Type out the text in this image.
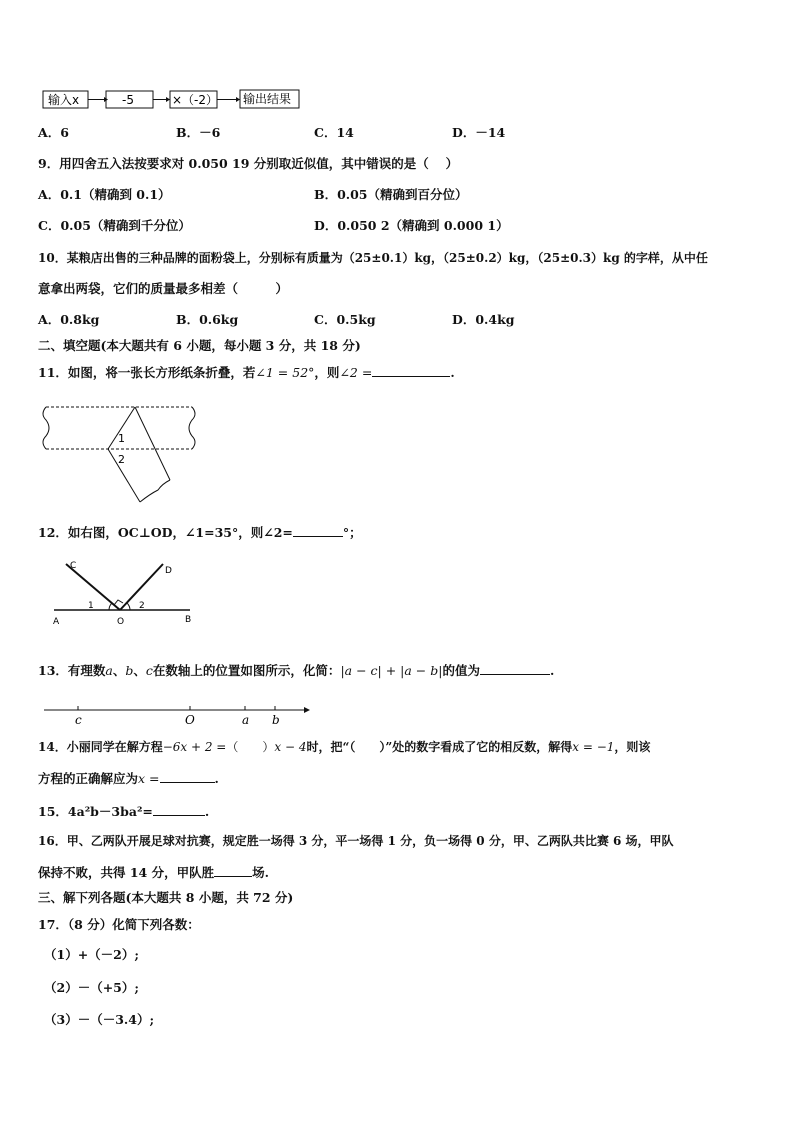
输入x	-5	×（-2） 输出结果
A．6	B．－6	C．14	D．－14
9．用四舍五入法按要求对 0.050 19 分别取近似值，其中错误的是（　 ）
A．0.1（精确到 0.1）	B．0.05（精确到百分位）
C．0.05（精确到千分位）	D．0.050 2（精确到 0.000 1）
10．某粮店出售的三种品牌的面粉袋上，分别标有质量为（25±0.1）kg，（25±0.2）kg，（25±0.3）kg 的字样，从中任
意拿出两袋，它们的质量最多相差（　　　）
A．0.8kg	B．0.6kg	C．0.5kg	D．0.4kg
二、填空题(本大题共有 6 小题，每小题 3 分，共 18 分)
11．如图，将一张长方形纸条折叠，若∠1 = 52°，则∠2 =	.
1
2
12．如右图，OC⊥OD，∠1=35°，则∠2=	°；
C	D
A	O	B
1	2
13．有理数a、b、c在数轴上的位置如图所示，化简：|a − c| + |a − b|的值为	.
c	O	a b
14．小丽同学在解方程−6x + 2 =（　　）x − 4时，把“（　　）”处的数字看成了它的相反数，解得x = −1，则该
方程的正确解应为x =	.
15．4a²b－3ba²=	.
16．甲、乙两队开展足球对抗赛，规定胜一场得 3 分，平一场得 1 分，负一场得 0 分，甲、乙两队共比赛 6 场，甲队
保持不败，共得 14 分，甲队胜	场.
三、解下列各题(本大题共 8 小题，共 72 分)
17．（8 分）化简下列各数：
（1）+（－2）;
（2）－（+5）;
（3）－（－3.4）;
